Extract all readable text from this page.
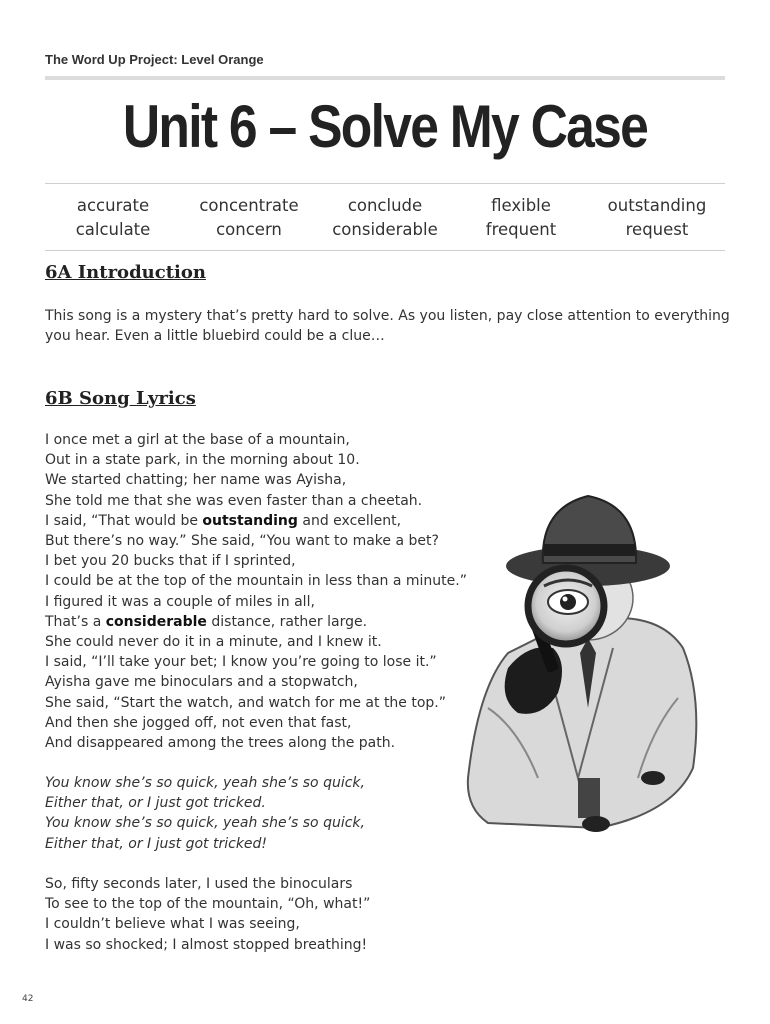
The Word Up Project: Level Orange
Unit 6 – Solve My Case
accurate
calculate
concentrate
concern
conclude
considerable
flexible
frequent
outstanding
request
6A Introduction
This song is a mystery that’s pretty hard to solve. As you listen, pay close attention to everything you hear. Even a little bluebird could be a clue…
6B Song Lyrics
I once met a girl at the base of a mountain,
Out in a state park, in the morning about 10.
We started chatting; her name was Ayisha,
She told me that she was even faster than a cheetah.
I said, “That would be outstanding and excellent,
But there’s no way.” She said, “You want to make a bet?
I bet you 20 bucks that if I sprinted,
I could be at the top of the mountain in less than a minute.”
I figured it was a couple of miles in all,
That’s a considerable distance, rather large.
She could never do it in a minute, and I knew it.
I said, “I’ll take your bet; I know you’re going to lose it.”
Ayisha gave me binoculars and a stopwatch,
She said, “Start the watch, and watch for me at the top.”
And then she jogged off, not even that fast,
And disappeared among the trees along the path.
You know she’s so quick, yeah she’s so quick,
Either that, or I just got tricked.
You know she’s so quick, yeah she’s so quick,
Either that, or I just got tricked!
So, fifty seconds later, I used the binoculars
To see to the top of the mountain, “Oh, what!”
I couldn’t believe what I was seeing,
I was so shocked; I almost stopped breathing!
42
